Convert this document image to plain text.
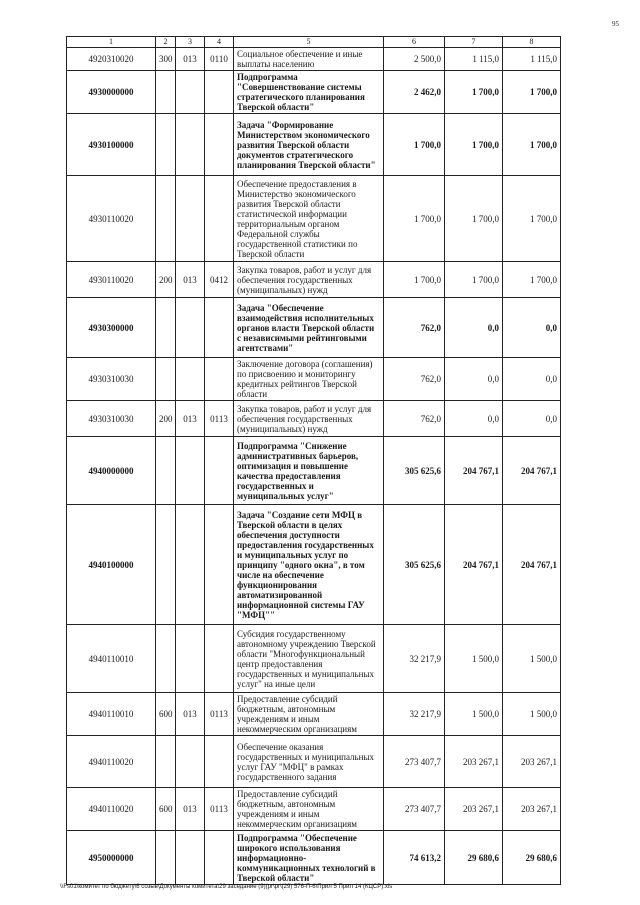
95
1	2	3	4	5	6	7	8
4920310020	300	013	0110	Социальное обеспечение и иные выплаты населению	2 500,0	1 115,0	1 115,0
4930000000				Подпрограмма "Совершенствование системы стратегического планирования Тверской области"	2 462,0	1 700,0	1 700,0
4930100000				Задача "Формирование Министерством экономического развития Тверской области документов стратегического планирования Тверской области"	1 700,0	1 700,0	1 700,0
4930110020				Обеспечение предоставления в Министерство экономического развития Тверской области статистической информации территориальным органом Федеральной службы государственной статистики по Тверской области	1 700,0	1 700,0	1 700,0
4930110020	200	013	0412	Закупка товаров, работ и услуг для обеспечения государственных (муниципальных) нужд	1 700,0	1 700,0	1 700,0
4930300000				Задача "Обеспечение взаимодействия исполнительных органов власти Тверской области с независимыми рейтинговыми агентствами"	762,0	0,0	0,0
4930310030				Заключение договора (соглашения) по присвоению и мониторингу кредитных рейтингов Тверской области	762,0	0,0	0,0
4930310030	200	013	0113	Закупка товаров, работ и услуг для обеспечения государственных (муниципальных) нужд	762,0	0,0	0,0
4940000000				Подпрограмма "Снижение административных барьеров, оптимизация и повышение качества предоставления государственных и муниципальных услуг"	305 625,6	204 767,1	204 767,1
4940100000				Задача "Создание сети МФЦ в Тверской области в целях обеспечения доступности предоставления государственных и муниципальных услуг по принципу "одного окна", в том числе на обеспечение функционирования автоматизированной информационной системы ГАУ "МФЦ""	305 625,6	204 767,1	204 767,1
4940110010				Субсидия государственному автономному учреждению Тверской области "Многофункциональный центр предоставления государственных и муниципальных услуг" на иные цели	32 217,9	1 500,0	1 500,0
4940110010	600	013	0113	Предоставление субсидий бюджетным, автономным учреждениям и иным некоммерческим организациям	32 217,9	1 500,0	1 500,0
4940110020				Обеспечение оказания государственных и муниципальных услуг ГАУ "МФЦ" в рамках государственного задания	273 407,7	203 267,1	203 267,1
4940110020	600	013	0113	Предоставление субсидий бюджетным, автономным учреждениям и иным некоммерческим организациям	273 407,7	203 267,1	203 267,1
4950000000				Подпрограмма "Обеспечение широкого использования информационно-коммуникационных технологий в Тверской области"	74 613,2	29 680,6	29 680,6
\\Fs01\комитет по бюджету\6 созыв\Документы комитета\29 заседание (9)(pr\pr\(29) 576-П-6\Прил 5 Прил 14 (КЦСР).xls
